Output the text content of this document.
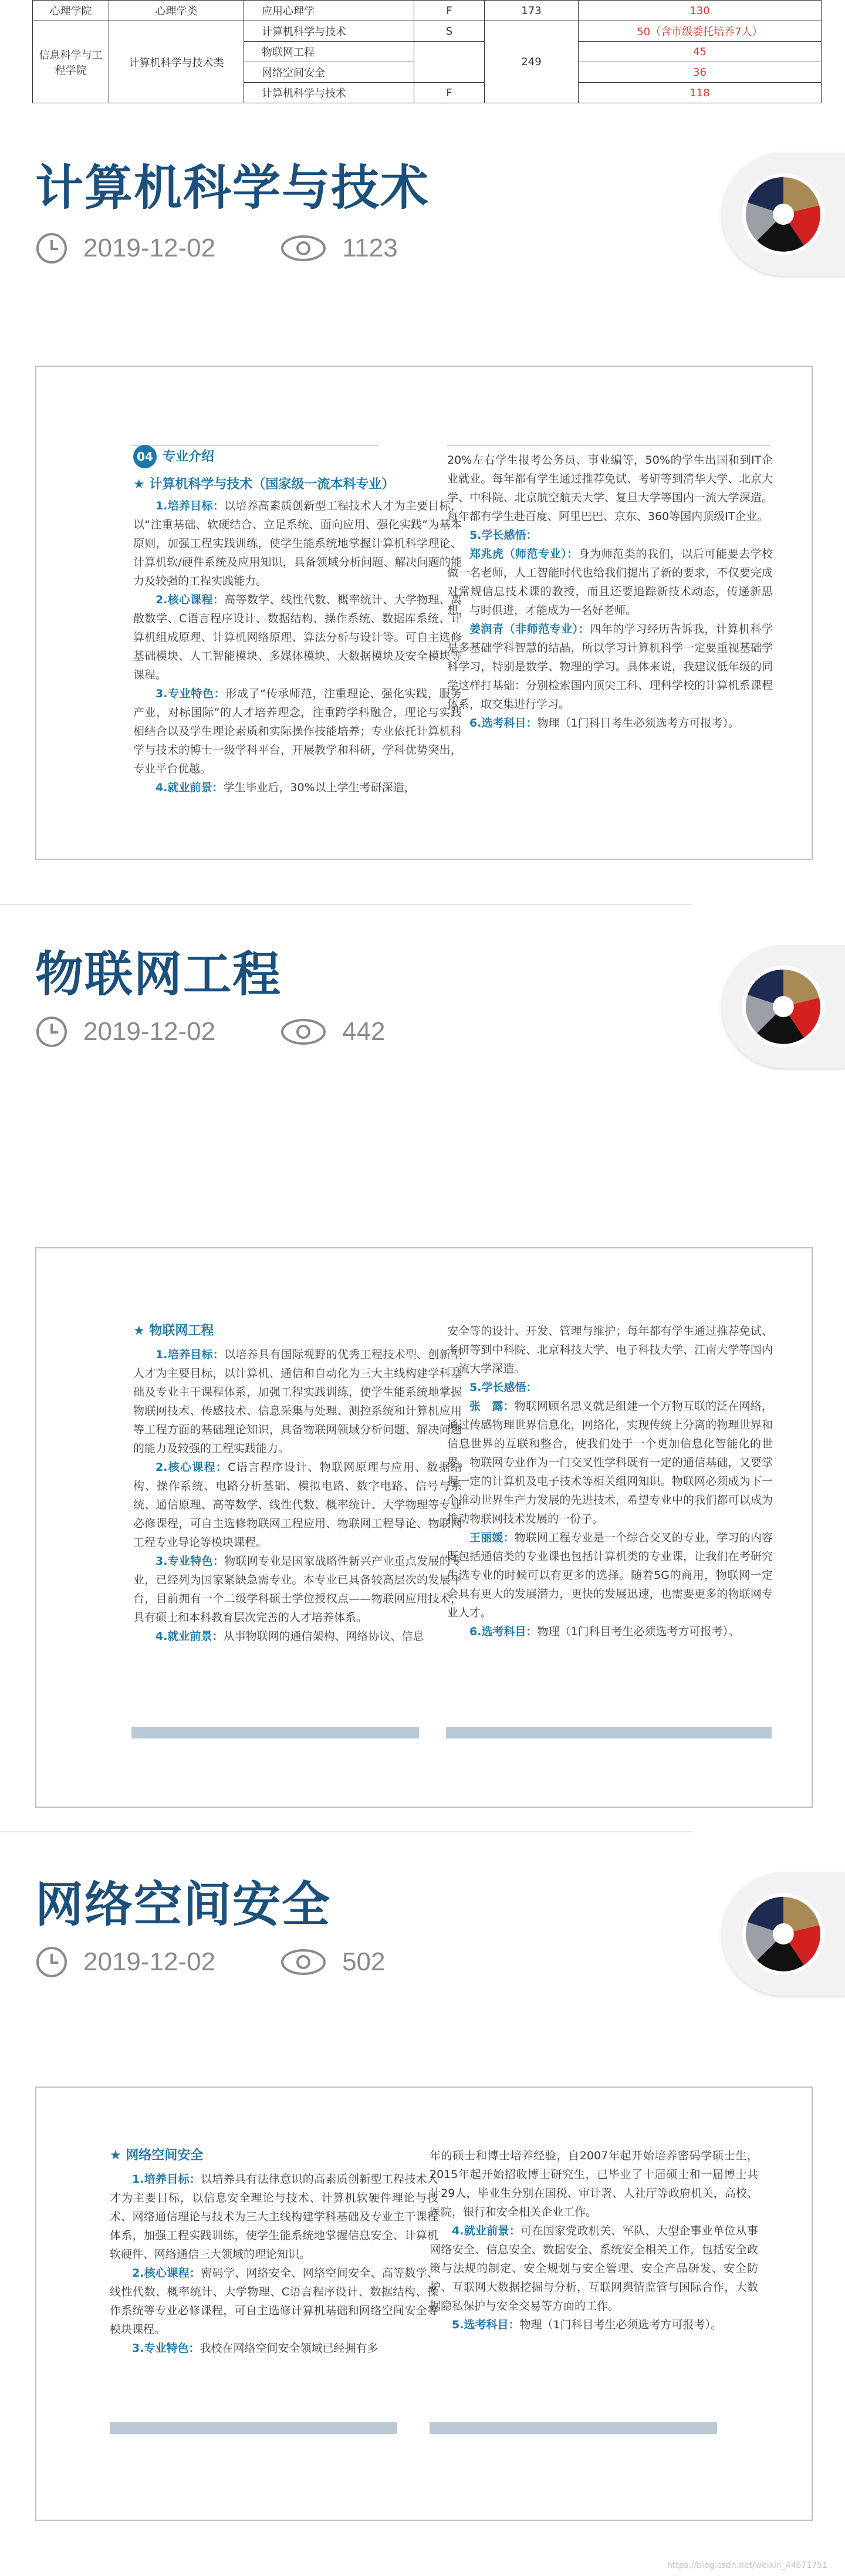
心理学院	心理学类	应用心理学	F	173	130
信息科学与工程学院	计算机科学与技术类	计算机科学与技术	S	249	50（含市级委托培养7人）
		物联网工程			45
		网络空间安全			36
		计算机科学与技术	F		118
计算机科学与技术
2019-12-02	1123
04 专业介绍
★ 计算机科学与技术（国家级一流本科专业）

1.培养目标：以培养高素质创新型工程技术人才为主要目标，以“注重基础、软硬结合、立足系统、面向应用、强化实践”为基本原则，加强工程实践训练，使学生能系统地掌握计算机科学理论、计算机软/硬件系统及应用知识，具备领域分析问题、解决问题的能力及较强的工程实践能力。

2.核心课程：高等数学、线性代数、概率统计、大学物理、离散数学、C语言程序设计、数据结构、操作系统、数据库系统、计算机组成原理、计算机网络原理、算法分析与设计等。可自主选修基础模块、人工智能模块、多媒体模块、大数据模块及安全模块等课程。

3.专业特色：形成了“传承师范，注重理论、强化实践，服务产业，对标国际”的人才培养理念，注重跨学科融合，理论与实践相结合以及学生理论素质和实际操作技能培养；专业依托计算机科学与技术的博士一级学科平台，开展教学和科研，学科优势突出，专业平台优越。

4.就业前景：学生毕业后，30%以上学生考研深造，

20%左右学生报考公务员、事业编等，50%的学生出国和到IT企业就业。每年都有学生通过推荐免试、考研等到清华大学、北京大学、中科院、北京航空航天大学、复旦大学等国内一流大学深造。每年都有学生赴百度、阿里巴巴、京东、360等国内顶级IT企业。

5.学长感悟：

郑兆虎（师范专业）：身为师范类的我们，以后可能要去学校做一名老师，人工智能时代也给我们提出了新的要求，不仅要完成对常规信息技术课的教授，而且还要追踪新技术动态，传递新思想，与时俱进，才能成为一名好老师。

姜润青（非师范专业）：四年的学习经历告诉我，计算机科学是多基础学科智慧的结晶，所以学习计算机科学一定要重视基础学科学习，特别是数学、物理的学习。具体来说，我建议低年级的同学这样打基础：分别检索国内顶尖工科、理科学校的计算机系课程体系，取交集进行学习。

6.选考科目：物理（1门科目考生必须选考方可报考）。

物联网工程
2019-12-02	442
★ 物联网工程

1.培养目标：以培养具有国际视野的优秀工程技术型、创新型人才为主要目标，以计算机、通信和自动化为三大主线构建学科基础及专业主干课程体系，加强工程实践训练，使学生能系统地掌握物联网技术、传感技术、信息采集与处理、测控系统和计算机应用等工程方面的基础理论知识，具备物联网领域分析问题、解决问题的能力及较强的工程实践能力。

2.核心课程：C语言程序设计、物联网原理与应用、数据结构、操作系统、电路分析基础、模拟电路、数字电路、信号与系统、通信原理、高等数学、线性代数、概率统计、大学物理等专业必修课程，可自主选修物联网工程应用、物联网工程导论、物联网工程专业导论等模块课程。

3.专业特色：物联网专业是国家战略性新兴产业重点发展的专业，已经列为国家紧缺急需专业。本专业已具备较高层次的发展平台，目前拥有一个二级学科硕士学位授权点——物联网应用技术，具有硕士和本科教育层次完善的人才培养体系。

4.就业前景：从事物联网的通信架构、网络协议、信息

安全等的设计、开发、管理与维护；每年都有学生通过推荐免试、考研等到中科院、北京科技大学、电子科技大学、江南大学等国内一流大学深造。

5.学长感悟：

张　露：物联网顾名思义就是组建一个万物互联的泛在网络，通过传感物理世界信息化，网络化，实现传统上分离的物理世界和信息世界的互联和整合，使我们处于一个更加信息化智能化的世界。物联网专业作为一门交叉性学科既有一定的通信基础，又要掌握一定的计算机及电子技术等相关组网知识。物联网必须成为下一个推动世界生产力发展的先进技术，希望专业中的我们都可以成为推动物联网技术发展的一份子。

王丽媛：物联网工程专业是一个综合交叉的专业，学习的内容既包括通信类的专业课也包括计算机类的专业课，让我们在考研究生选专业的时候可以有更多的选择。随着5G的商用，物联网一定会具有更大的发展潜力，更快的发展迅速，也需要更多的物联网专业人才。

6.选考科目：物理（1门科目考生必须选考方可报考）。

网络空间安全
2019-12-02	502
★ 网络空间安全

1.培养目标：以培养具有法律意识的高素质创新型工程技术人才为主要目标，以信息安全理论与技术、计算机软硬件理论与技术、网络通信理论与技术为三大主线构建学科基础及专业主干课程体系，加强工程实践训练，使学生能系统地掌握信息安全、计算机软硬件、网络通信三大领域的理论知识。

2.核心课程：密码学、网络安全、网络空间安全、高等数学、线性代数、概率统计、大学物理、C语言程序设计、数据结构、操作系统等专业必修课程，可自主选修计算机基础和网络空间安全等模块课程。

3.专业特色：我校在网络空间安全领域已经拥有多

年的硕士和博士培养经验，自2007年起开始培养密码学硕士生，2015年起开始招收博士研究生，已毕业了十届硕士和一届博士共计29人，毕业生分别在国税、审计署、人社厅等政府机关，高校、医院，银行和安全相关企业工作。

4.就业前景：可在国家党政机关、军队、大型企事业单位从事网络安全、信息安全、数据安全、系统安全相关工作，包括安全政策与法规的制定、安全规划与安全管理、安全产品研发、安全防护、互联网大数据挖掘与分析，互联网舆情监管与国际合作，大数据隐私保护与安全交易等方面的工作。

5.选考科目：物理（1门科目考生必须选考方可报考）。

https://blog.csdn.net/weixin_44671751
